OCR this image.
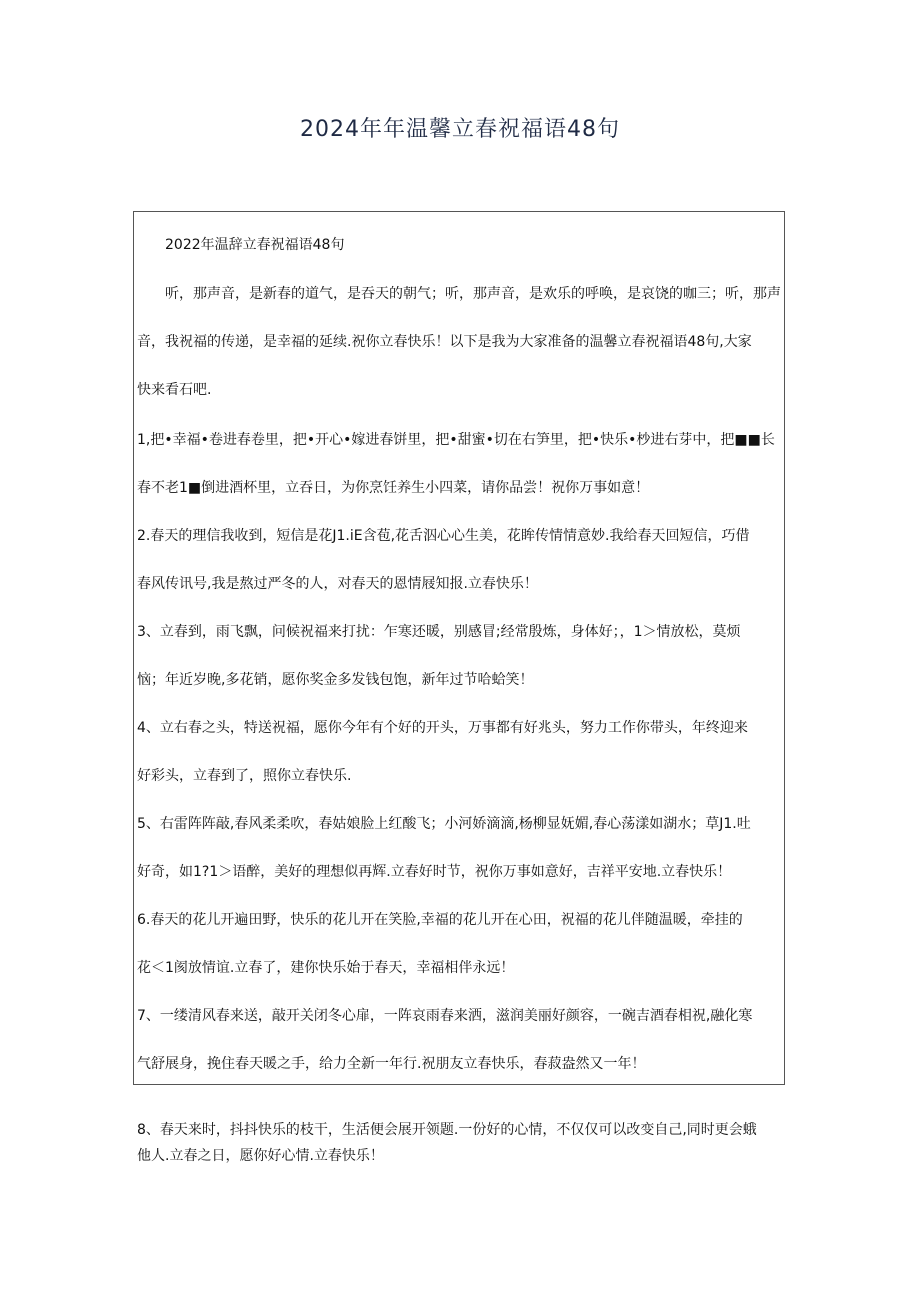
2024年年温馨立春祝福语48句

2022年温辞立春祝福语48句

　　听，那声音，是新春的道气，是吞天的朝气；听，那声音，是欢乐的呼唤，是哀饶的咖三；听，那声
音，我祝福的传递，是幸福的延续.祝你立春快乐！以下是我为大家准备的温馨立春祝福语48句,大家
快来看石吧.

1,把•幸福•卷进春卷里，把•开心•嫁进春饼里，把•甜蜜•切在右笋里，把•快乐•杪进右芽中，把■■长
春不老1■倒进酒杯里，立吞日，为你烹饪养生小四菜，请你品尝！祝你万事如意！

2.春天的理信我收到，短信是花J1.iE含苞,花舌泅心心生美，花眸传情情意妙.我给春天回短信，巧借
春风传讯号,我是熬过严冬的人，对春天的恩情屐知报.立春快乐！

3、立春到，雨飞飘，问候祝福来打扰：乍寒还暖，别感冒;经常殷炼，身体好；，1＞情放松，莫烦
恼；年近岁晚,多花销，愿你奖金多发钱包饱，新年过节哈蛤笑！

4、立右春之头，特送祝福，愿你今年有个好的开头，万事都有好兆头，努力工作你带头，年终迎来
好彩头，立春到了，照你立春快乐.

5、右雷阵阵敲,春风柔柔吹，春姑娘脸上红酸飞；小河娇滴滴,杨柳显妩媚,春心荡漾如湖水；草J1.吐
好奇，如1?1＞语醉，美好的理想似再辉.立春好时节，祝你万事如意好，吉祥平安地.立春快乐！

6.春天的花儿开遍田野，快乐的花儿开在笑脸,幸福的花儿开在心田，祝福的花儿伴随温暖，牵挂的
花＜1阂放情谊.立春了，建你快乐始于春天，幸福相伴永远！

7、一缕清风春来送，敲开关闭冬心扉，一阵哀雨春来洒，滋润美丽好颜容，一碗吉酒春相祝,融化寒
气舒展身，挽住春天暖之手，给力全新一年行.祝朋友立春快乐，春菽盎然又一年！

8、春天来时，抖抖快乐的枝干，生活便会展开领题.一份好的心情，不仅仅可以改变自己,同时更会蛾
他人.立春之日，愿你好心情.立春快乐！
